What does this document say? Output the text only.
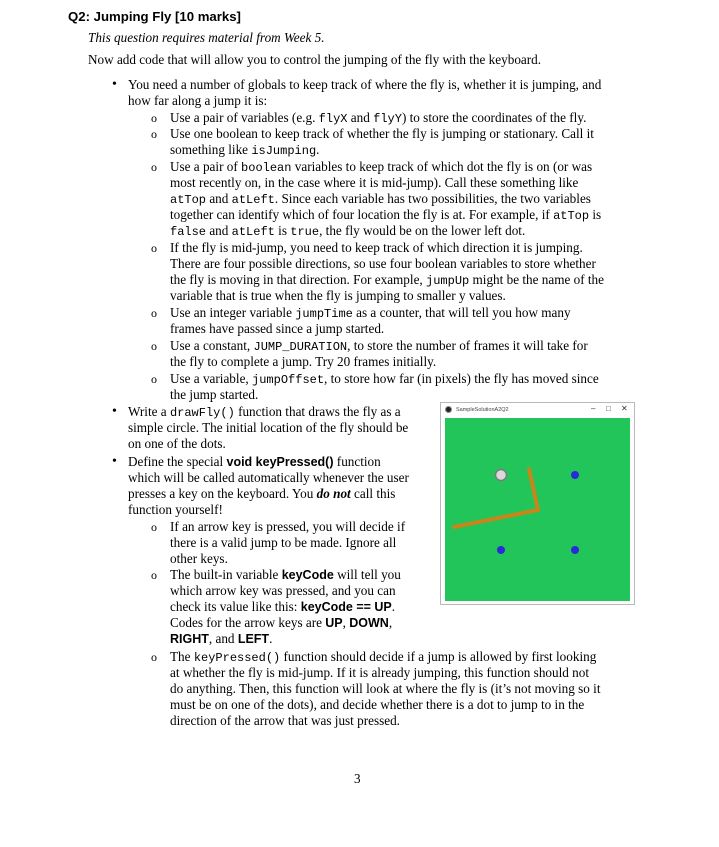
Q2: Jumping Fly [10 marks]
This question requires material from Week 5.
Now add code that will allow you to control the jumping of the fly with the keyboard.
• You need a number of globals to keep track of where the fly is, whether it is jumping, and
how far along a jump it is:
o Use a pair of variables (e.g. flyX and flyY) to store the coordinates of the fly.
o Use one boolean to keep track of whether the fly is jumping or stationary. Call it
something like isJumping.
o Use a pair of boolean variables to keep track of which dot the fly is on (or was
most recently on, in the case where it is mid-jump). Call these something like
atTop and atLeft. Since each variable has two possibilities, the two variables
together can identify which of four location the fly is at. For example, if atTop is
false and atLeft is true, the fly would be on the lower left dot.
o If the fly is mid-jump, you need to keep track of which direction it is jumping.
There are four possible directions, so use four boolean variables to store whether
the fly is moving in that direction. For example, jumpUp might be the name of the
variable that is true when the fly is jumping to smaller y values.
o Use an integer variable jumpTime as a counter, that will tell you how many
frames have passed since a jump started.
o Use a constant, JUMP_DURATION, to store the number of frames it will take for
the fly to complete a jump. Try 20 frames initially.
o Use a variable, jumpOffset, to store how far (in pixels) the fly has moved since
the jump started.
• Write a drawFly() function that draws the fly as a
simple circle. The initial location of the fly should be
on one of the dots.
• Define the special void keyPressed() function
which will be called automatically whenever the user
presses a key on the keyboard. You do not call this
function yourself!
o If an arrow key is pressed, you will decide if
there is a valid jump to be made. Ignore all
other keys.
o The built-in variable keyCode will tell you
which arrow key was pressed, and you can
check its value like this: keyCode == UP.
Codes for the arrow keys are UP, DOWN,
RIGHT, and LEFT.
o The keyPressed() function should decide if a jump is allowed by first looking
at whether the fly is mid-jump. If it is already jumping, this function should not
do anything. Then, this function will look at where the fly is (it’s not moving so it
must be on one of the dots), and decide whether there is a dot to jump to in the
direction of the arrow that was just pressed.
SampleSolutionA2Q2	– □ ✕
3
